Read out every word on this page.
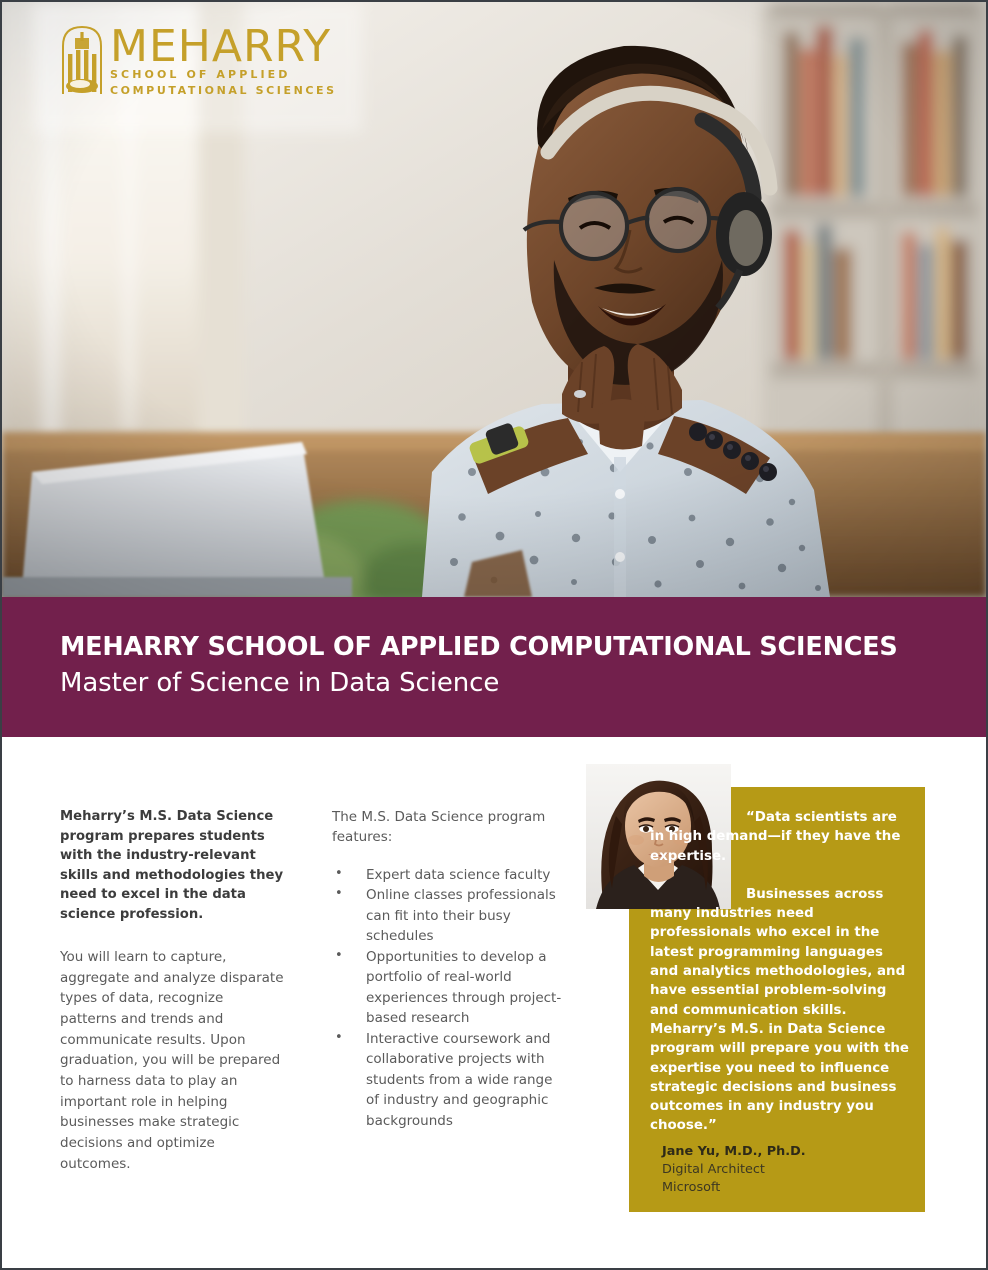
MEHARRY
SCHOOL OF APPLIED
COMPUTATIONAL SCIENCES
MEHARRY SCHOOL OF APPLIED COMPUTATIONAL SCIENCES
Master of Science in Data Science

Meharry’s M.S. Data Science program prepares students with the industry-relevant skills and methodologies they need to excel in the data science profession.

You will learn to capture, aggregate and analyze disparate types of data, recognize patterns and trends and communicate results. Upon graduation, you will be prepared to harness data to play an important role in helping businesses make strategic decisions and optimize outcomes.

The M.S. Data Science program features:

• Expert data science faculty
• Online classes professionals can fit into their busy schedules
• Opportunities to develop a portfolio of real-world experiences through project-based research
• Interactive coursework and collaborative projects with students from a wide range of industry and geographic backgrounds

“Data scientists are in high demand—if they have the expertise.

Businesses across many industries need professionals who excel in the latest programming languages and analytics methodologies, and have essential problem-solving and communication skills. Meharry’s M.S. in Data Science program will prepare you with the expertise you need to influence strategic decisions and business outcomes in any industry you choose.”

Jane Yu, M.D., Ph.D.
Digital Architect
Microsoft
